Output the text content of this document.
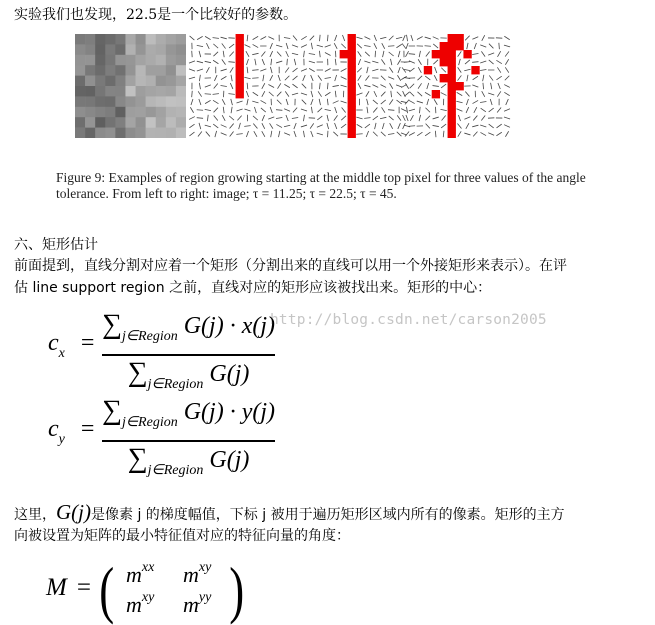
实验我们也发现，22.5是一个比较好的参数。
Figure 9: Examples of region growing starting at the middle top pixel for three values of the angle
tolerance. From left to right: image; τ = 11.25; τ = 22.5; τ = 45.
六、矩形估计
前面提到，直线分割对应着一个矩形（分割出来的直线可以用一个外接矩形来表示）。在评
估 line support region 之前，直线对应的矩形应该被找出来。矩形的中心：
http://blog.csdn.net/carson2005
$c_x$ =
$\sum_{j\in Region}$ G(j) · x(j)
$\sum_{j\in Region}$ G(j)
$c_y$ =
$\sum_{j\in Region}$ G(j) · y(j)
$\sum_{j\in Region}$ G(j)
这里，G(j)是像素 j 的梯度幅值，下标 j 被用于遍历矩形区域内所有的像素。矩形的主方
向被设置为矩阵的最小特征值对应的特征向量的角度：
M = ( $m^{xx}$ $m^{xy}$
$m^{xy}$ $m^{yy}$ )
